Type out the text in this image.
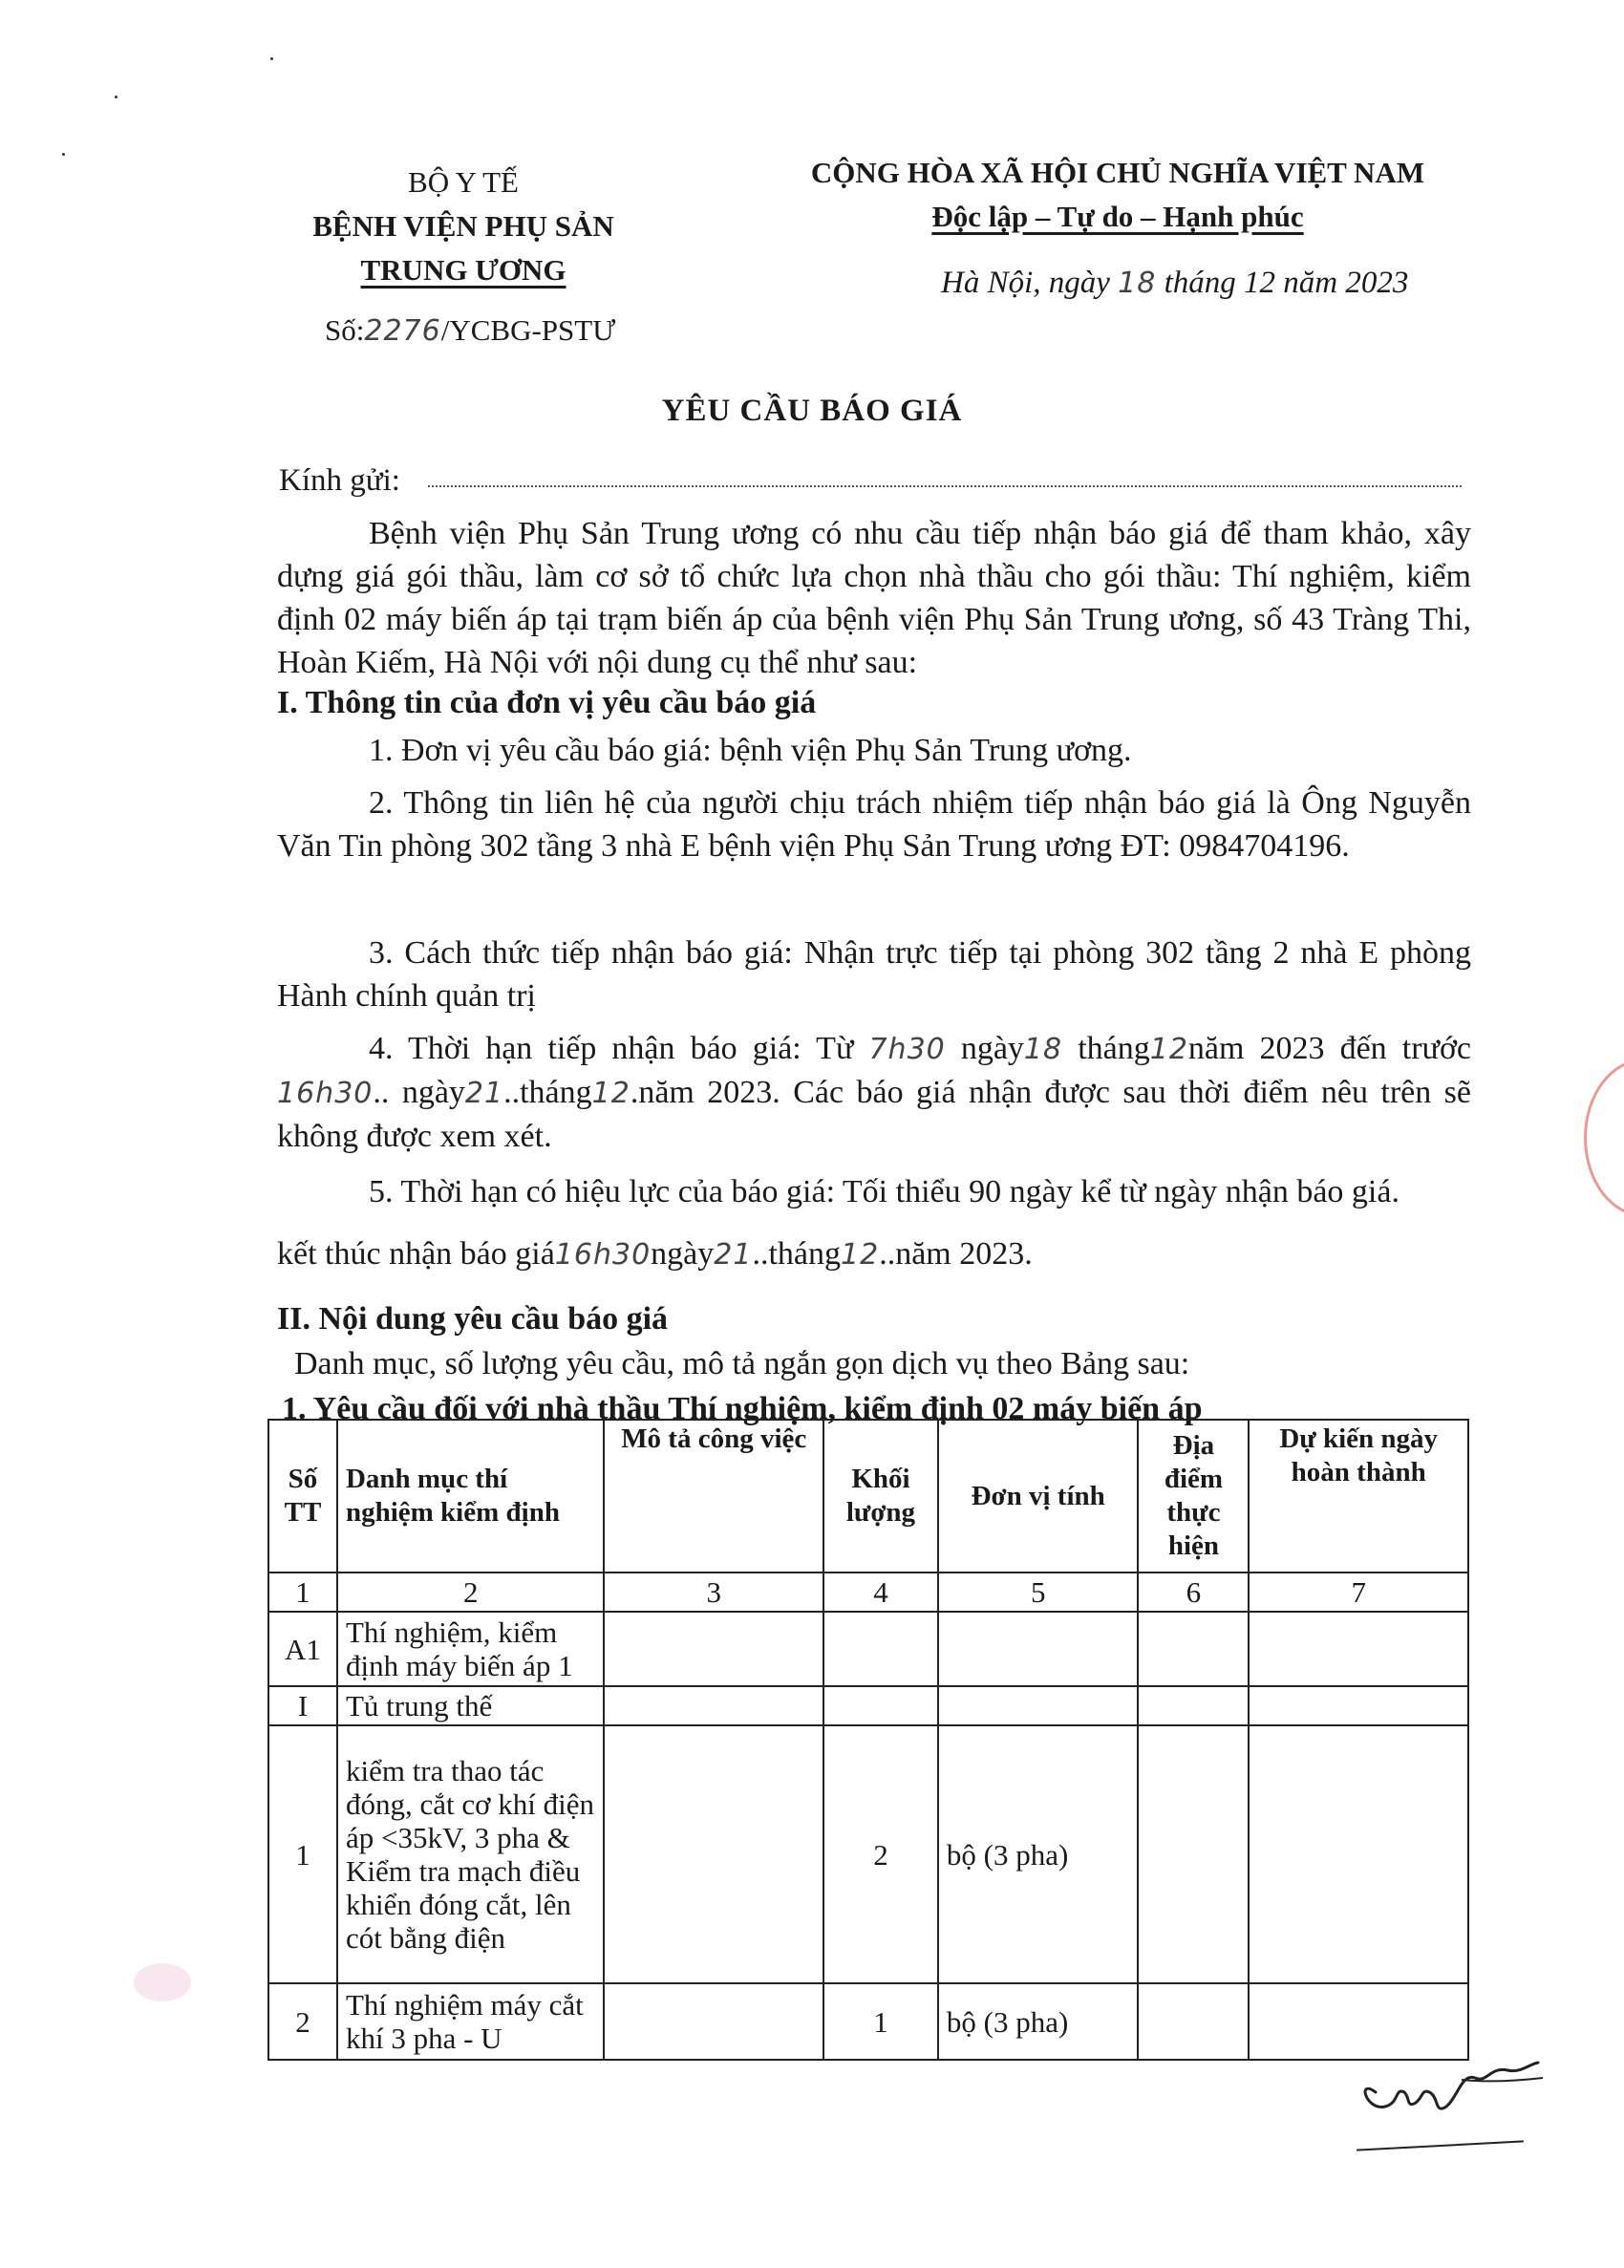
BỘ Y TẾ
BỆNH VIỆN PHỤ SẢN
TRUNG ƯƠNG
Số:2276/YCBG-PSTƯ
CỘNG HÒA XÃ HỘI CHỦ NGHĨA VIỆT NAM
Độc lập – Tự do – Hạnh phúc
Hà Nội, ngày 18 tháng 12 năm 2023
YÊU CẦU BÁO GIÁ
Kính gửi:
Bệnh viện Phụ Sản Trung ương có nhu cầu tiếp nhận báo giá để tham khảo, xây dựng giá gói thầu, làm cơ sở tổ chức lựa chọn nhà thầu cho gói thầu: Thí nghiệm, kiểm định 02 máy biến áp tại trạm biến áp của bệnh viện Phụ Sản Trung ương, số 43 Tràng Thi, Hoàn Kiếm, Hà Nội với nội dung cụ thể như sau:
I. Thông tin của đơn vị yêu cầu báo giá
1. Đơn vị yêu cầu báo giá: bệnh viện Phụ Sản Trung ương.
2. Thông tin liên hệ của người chịu trách nhiệm tiếp nhận báo giá là Ông Nguyễn Văn Tin phòng 302 tầng 3 nhà E bệnh viện Phụ Sản Trung ương ĐT: 0984704196.
3. Cách thức tiếp nhận báo giá: Nhận trực tiếp tại phòng 302 tầng 2 nhà E phòng Hành chính quản trị
4. Thời hạn tiếp nhận báo giá: Từ 7h30 ngày18 tháng12năm 2023 đến trước 16h30.. ngày21..tháng12.năm 2023. Các báo giá nhận được sau thời điểm nêu trên sẽ không được xem xét.
5. Thời hạn có hiệu lực của báo giá: Tối thiểu 90 ngày kể từ ngày nhận báo giá.
kết thúc nhận báo giá16h30ngày21..tháng12..năm 2023.
II. Nội dung yêu cầu báo giá
Danh mục, số lượng yêu cầu, mô tả ngắn gọn dịch vụ theo Bảng sau:
1. Yêu cầu đối với nhà thầu Thí nghiệm, kiểm định 02 máy biến áp
Số TT	Danh mục thí nghiệm kiểm định	Mô tả công việc	Khối lượng	Đơn vị tính	Địa điểm thực hiện	Dự kiến ngày hoàn thành
1	2	3	4	5	6	7
A1	Thí nghiệm, kiểm định máy biến áp 1					
I	Tủ trung thế					
1	kiểm tra thao tác đóng, cắt cơ khí điện áp <35kV, 3 pha & Kiểm tra mạch điều khiển đóng cắt, lên cót bằng điện		2	bộ (3 pha)		
2	Thí nghiệm máy cắt khí 3 pha - U		1	bộ (3 pha)		
